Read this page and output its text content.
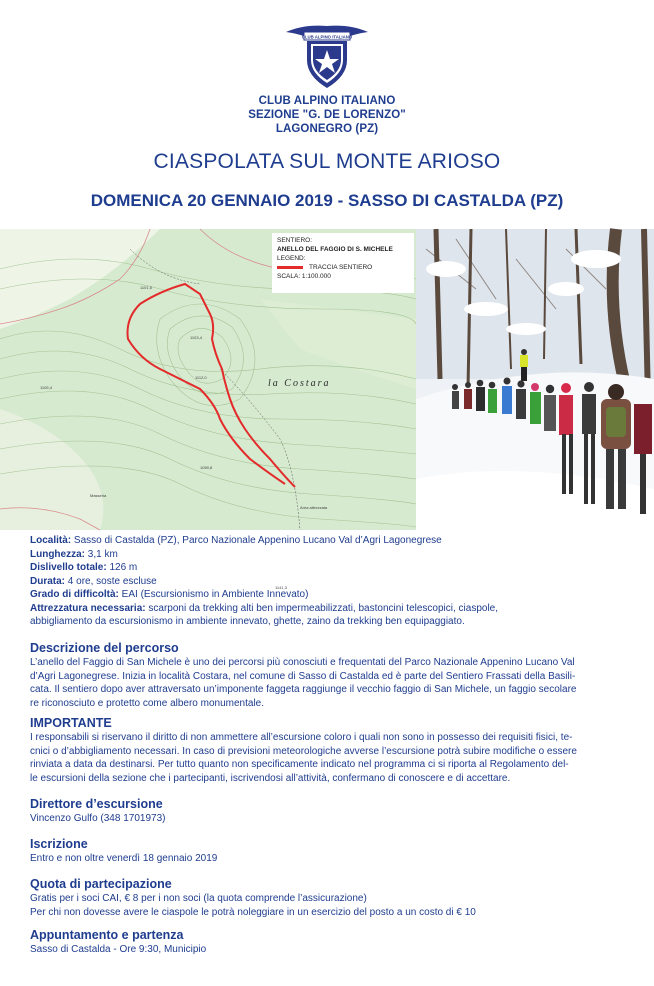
CLUB ALPINO ITALIANO
CLUB ALPINO ITALIANO
SEZIONE "G. DE LORENZO"
LAGONEGRO (PZ)
CIASPOLATA SUL MONTE ARIOSO
DOMENICA 20 GENNAIO 2019 - SASSO DI CASTALDA (PZ)
1101,5
1103,4
1112,0
1141,3
1105,4
1059,8
Area attrezzata
Masseria
la Costara
SENTIERO:
ANELLO DEL FAGGIO DI S. MICHELE
LEGEND:
TRACCIA SENTIERO
SCALA: 1:100.000
Località: Sasso di Castalda (PZ), Parco Nazionale Appenino Lucano Val d’Agri Lagonegrese
Lunghezza: 3,1 km
Dislivello totale: 126 m
Durata: 4 ore, soste escluse
Grado di difficoltà: EAI (Escursionismo in Ambiente Innevato)
Attrezzatura necessaria: scarponi da trekking alti ben impermeabilizzati, bastoncini telescopici, ciaspole,
abbigliamento da escursionismo in ambiente innevato, ghette, zaino da trekking ben equipaggiato.
Descrizione del percorso
L’anello del Faggio di San Michele è uno dei percorsi più conosciuti e frequentati del Parco Nazionale Appenino Lucano Val
d’Agri Lagonegrese. Inizia in località Costara, nel comune di Sasso di Castalda ed è parte del Sentiero Frassati della Basili-
cata. Il sentiero dopo aver attraversato un’imponente faggeta raggiunge il vecchio faggio di San Michele, un faggio secolare
re riconosciuto e protetto come albero monumentale.
IMPORTANTE
I responsabili si riservano il diritto di non ammettere all’escursione coloro i quali non sono in possesso dei requisiti fisici, te-
cnici o d’abbigliamento necessari. In caso di previsioni meteorologiche avverse l’escursione potrà subire modifiche o essere
rinviata a data da destinarsi. Per tutto quanto non specificamente indicato nel programma ci si riporta al Regolamento del-
le escursioni della sezione che i partecipanti, iscrivendosi all’attività, confermano di conoscere e di accettare.
Direttore d’escursione
Vincenzo Gulfo (348 1701973)
Iscrizione
Entro e non oltre venerdì 18 gennaio 2019
Quota di partecipazione
Gratis per i soci CAI, € 8 per i non soci (la quota comprende l’assicurazione)
Per chi non dovesse avere le ciaspole le potrà noleggiare in un esercizio del posto a un costo di € 10
Appuntamento e partenza
Sasso di Castalda - Ore 9:30, Municipio
